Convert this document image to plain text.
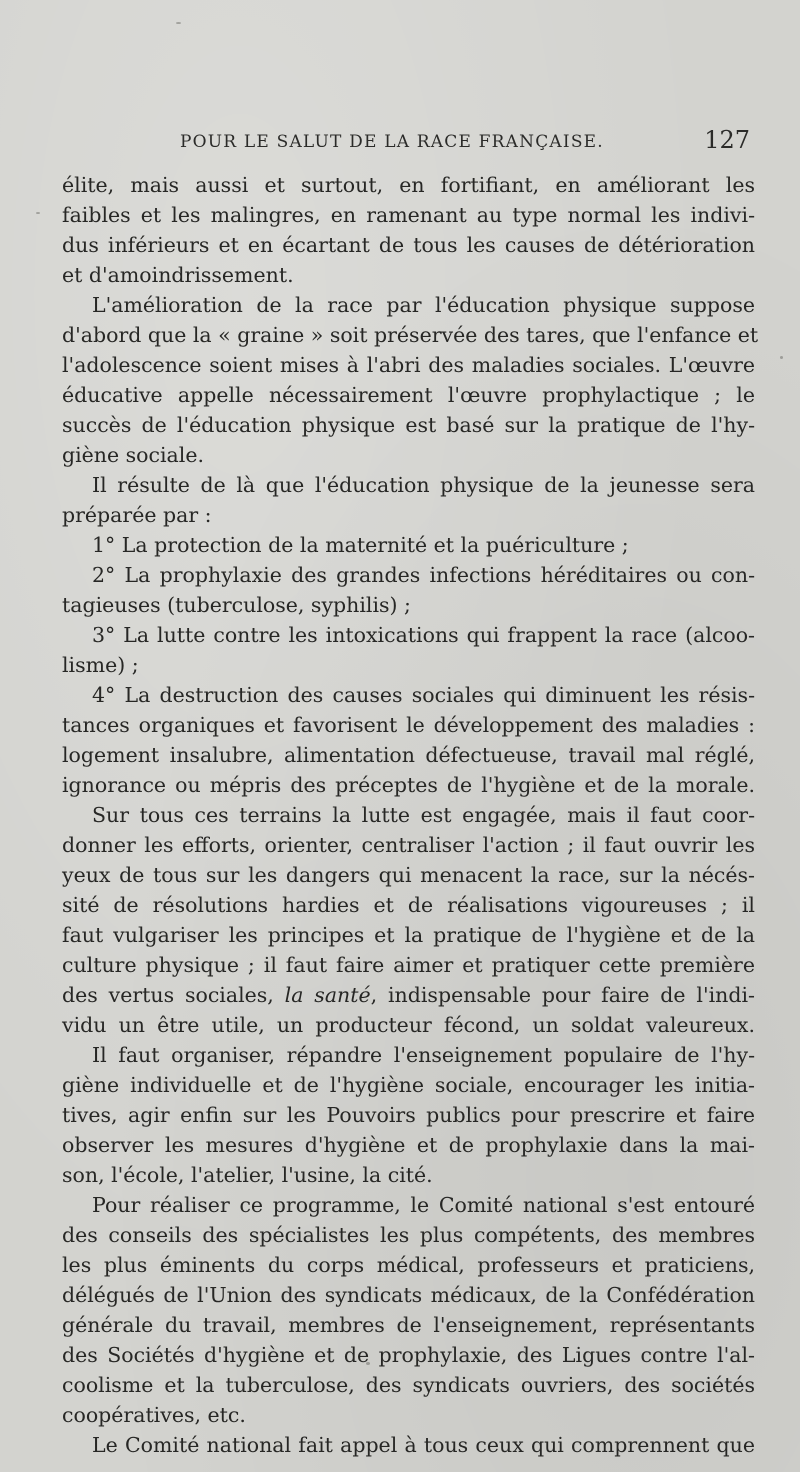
POUR LE SALUT DE LA RACE FRANÇAISE.	127
élite, mais aussi et surtout, en fortifiant, en améliorant les
faibles et les malingres, en ramenant au type normal les indivi-
dus inférieurs et en écartant de tous les causes de détérioration
et d'amoindrissement.
L'amélioration de la race par l'éducation physique suppose
d'abord que la « graine » soit préservée des tares, que l'enfance et
l'adolescence soient mises à l'abri des maladies sociales. L'œuvre
éducative appelle nécessairement l'œuvre prophylactique ; le
succès de l'éducation physique est basé sur la pratique de l'hy-
giène sociale.
Il résulte de là que l'éducation physique de la jeunesse sera
préparée par :
1° La protection de la maternité et la puériculture ;
2° La prophylaxie des grandes infections héréditaires ou con-
tagieuses (tuberculose, syphilis) ;
3° La lutte contre les intoxications qui frappent la race (alcoo-
lisme) ;
4° La destruction des causes sociales qui diminuent les résis-
tances organiques et favorisent le développement des maladies :
logement insalubre, alimentation défectueuse, travail mal réglé,
ignorance ou mépris des préceptes de l'hygiène et de la morale.
Sur tous ces terrains la lutte est engagée, mais il faut coor-
donner les efforts, orienter, centraliser l'action ; il faut ouvrir les
yeux de tous sur les dangers qui menacent la race, sur la nécés-
sité de résolutions hardies et de réalisations vigoureuses ; il
faut vulgariser les principes et la pratique de l'hygiène et de la
culture physique ; il faut faire aimer et pratiquer cette première
des vertus sociales, la santé, indispensable pour faire de l'indi-
vidu un être utile, un producteur fécond, un soldat valeureux.
Il faut organiser, répandre l'enseignement populaire de l'hy-
giène individuelle et de l'hygiène sociale, encourager les initia-
tives, agir enfin sur les Pouvoirs publics pour prescrire et faire
observer les mesures d'hygiène et de prophylaxie dans la mai-
son, l'école, l'atelier, l'usine, la cité.
Pour réaliser ce programme, le Comité national s'est entouré
des conseils des spécialistes les plus compétents, des membres
les plus éminents du corps médical, professeurs et praticiens,
délégués de l'Union des syndicats médicaux, de la Confédération
générale du travail, membres de l'enseignement, représentants
des Sociétés d'hygiène et de prophylaxie, des Ligues contre l'al-
coolisme et la tuberculose, des syndicats ouvriers, des sociétés
coopératives, etc.
Le Comité national fait appel à tous ceux qui comprennent que
